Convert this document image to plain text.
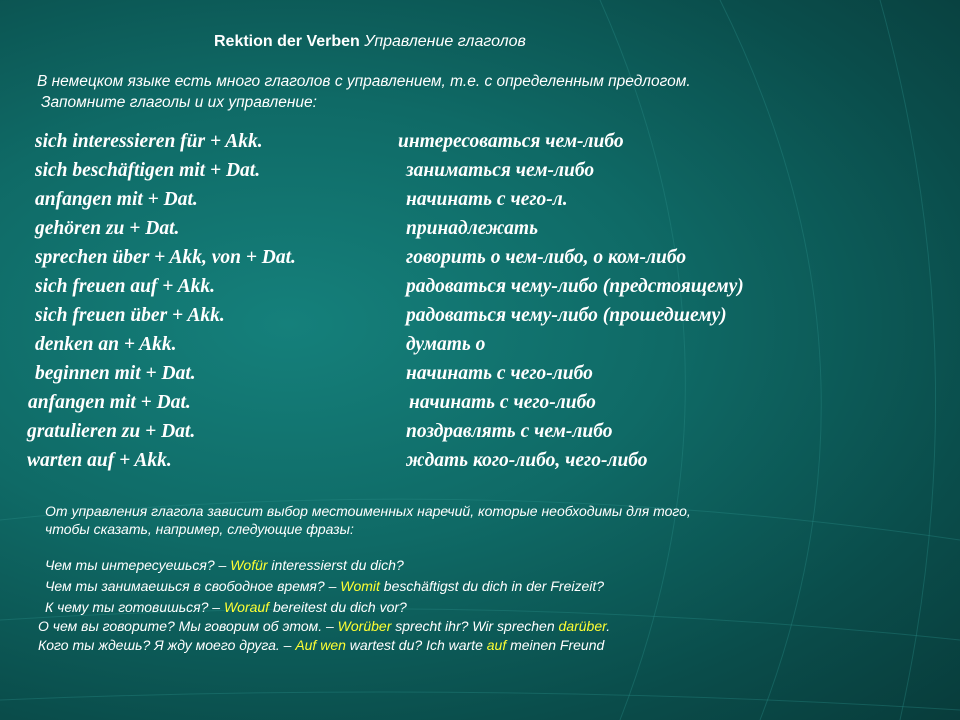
Rektion der Verben Управление глаголов
В немецком языке есть много глаголов с управлением, т.е. с определенным предлогом.
Запомните глаголы и их управление:
sich interessieren für + Akk.	интересоваться чем-либо
sich beschäftigen mit + Dat.	заниматься чем-либо
anfangen mit + Dat.	начинать с чего-л.
gehören zu + Dat.	принадлежать
sprechen über + Akk, von + Dat.	говорить о чем-либо, о ком-либо
sich freuen auf + Akk.	радоваться чему-либо (предстоящему)
sich freuen über + Akk.	радоваться чему-либо (прошедшему)
denken an + Akk.	думать о
beginnen mit + Dat.	начинать с чего-либо
anfangen mit + Dat.	начинать с чего-либо
gratulieren zu + Dat.	поздравлять с чем-либо
warten auf + Akk.	ждать кого-либо, чего-либо
От управления глагола зависит выбор местоименных наречий, которые необходимы для того,
чтобы сказать, например, следующие фразы:
Чем ты интересуешься? – Wofür interessierst du dich?
Чем ты занимаешься в свободное время? – Womit beschäftigst du dich in der Freizeit?
К чему ты готовишься? – Worauf bereitest du dich vor?
О чем вы говорите? Мы говорим об этом. – Worüber sprecht ihr? Wir sprechen darüber.
Кого ты ждешь? Я жду моего друга. – Auf wen wartest du? Ich warte auf meinen Freund
